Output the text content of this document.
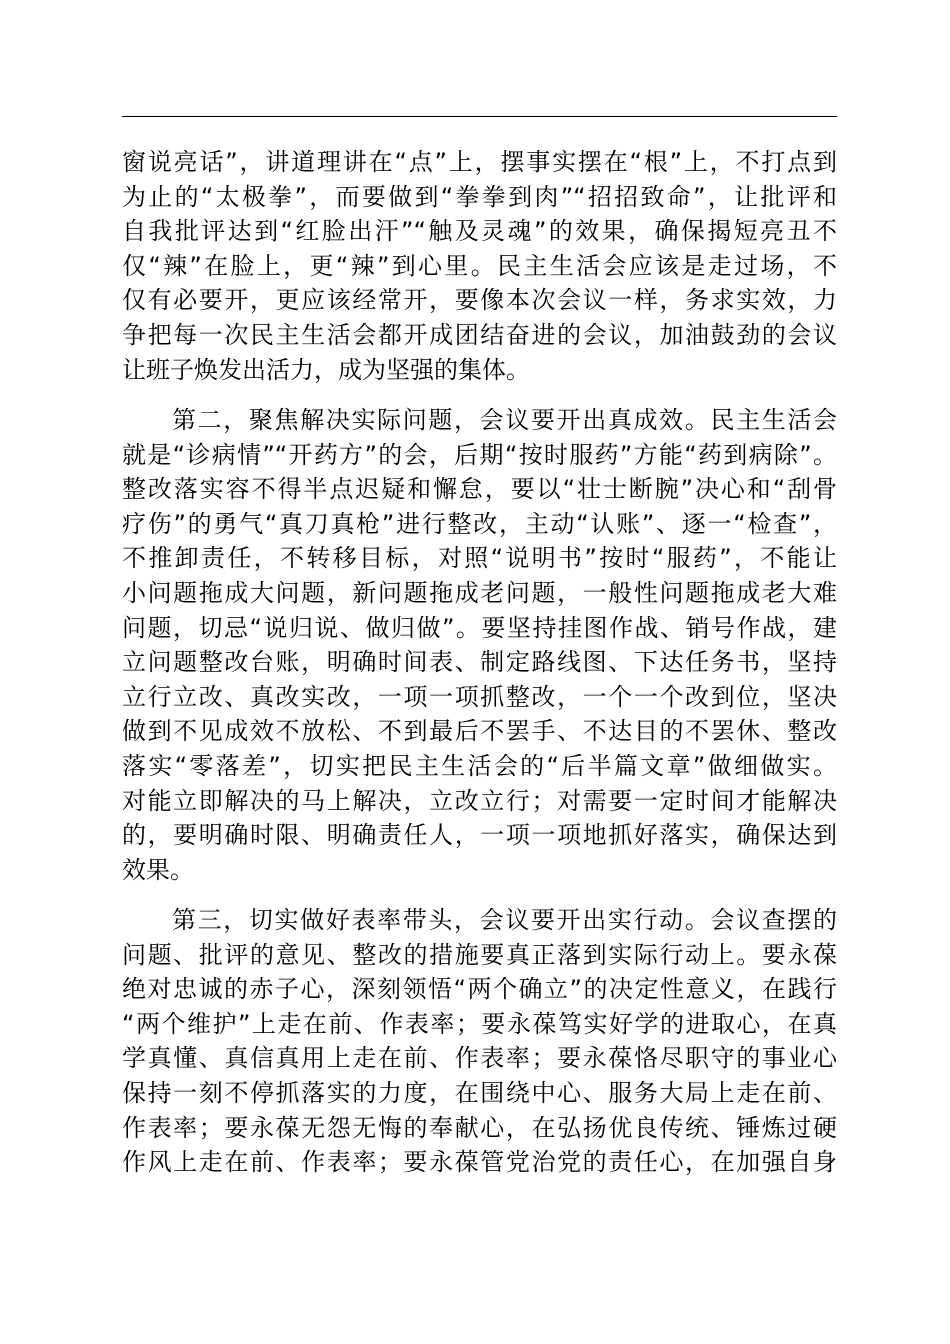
窗说亮话”，讲道理讲在“点”上，摆事实摆在“根”上，不打点到
为止的“太极拳”，而要做到“拳拳到肉”“招招致命”，让批评和
自我批评达到“红脸出汗”“触及灵魂”的效果，确保揭短亮丑不
仅“辣”在脸上，更“辣”到心里。民主生活会应该是走过场，不
仅有必要开，更应该经常开，要像本次会议一样，务求实效，力
争把每一次民主生活会都开成团结奋进的会议，加油鼓劲的会议
让班子焕发出活力，成为坚强的集体。
第二，聚焦解决实际问题，会议要开出真成效。民主生活会
就是“诊病情”“开药方”的会，后期“按时服药”方能“药到病除”。
整改落实容不得半点迟疑和懈怠，要以“壮士断腕”决心和“刮骨
疗伤”的勇气“真刀真枪”进行整改，主动“认账”、逐一“检查”，
不推卸责任，不转移目标，对照“说明书”按时“服药”，不能让
小问题拖成大问题，新问题拖成老问题，一般性问题拖成老大难
问题，切忌“说归说、做归做”。要坚持挂图作战、销号作战，建
立问题整改台账，明确时间表、制定路线图、下达任务书，坚持
立行立改、真改实改，一项一项抓整改，一个一个改到位，坚决
做到不见成效不放松、不到最后不罢手、不达目的不罢休、整改
落实“零落差”，切实把民主生活会的“后半篇文章”做细做实。
对能立即解决的马上解决，立改立行；对需要一定时间才能解决
的，要明确时限、明确责任人，一项一项地抓好落实，确保达到
效果。
第三，切实做好表率带头，会议要开出实行动。会议查摆的
问题、批评的意见、整改的措施要真正落到实际行动上。要永葆
绝对忠诚的赤子心，深刻领悟“两个确立”的决定性意义，在践行
“两个维护”上走在前、作表率；要永葆笃实好学的进取心，在真
学真懂、真信真用上走在前、作表率；要永葆恪尽职守的事业心
保持一刻不停抓落实的力度，在围绕中心、服务大局上走在前、
作表率；要永葆无怨无悔的奉献心，在弘扬优良传统、锤炼过硬
作风上走在前、作表率；要永葆管党治党的责任心，在加强自身
